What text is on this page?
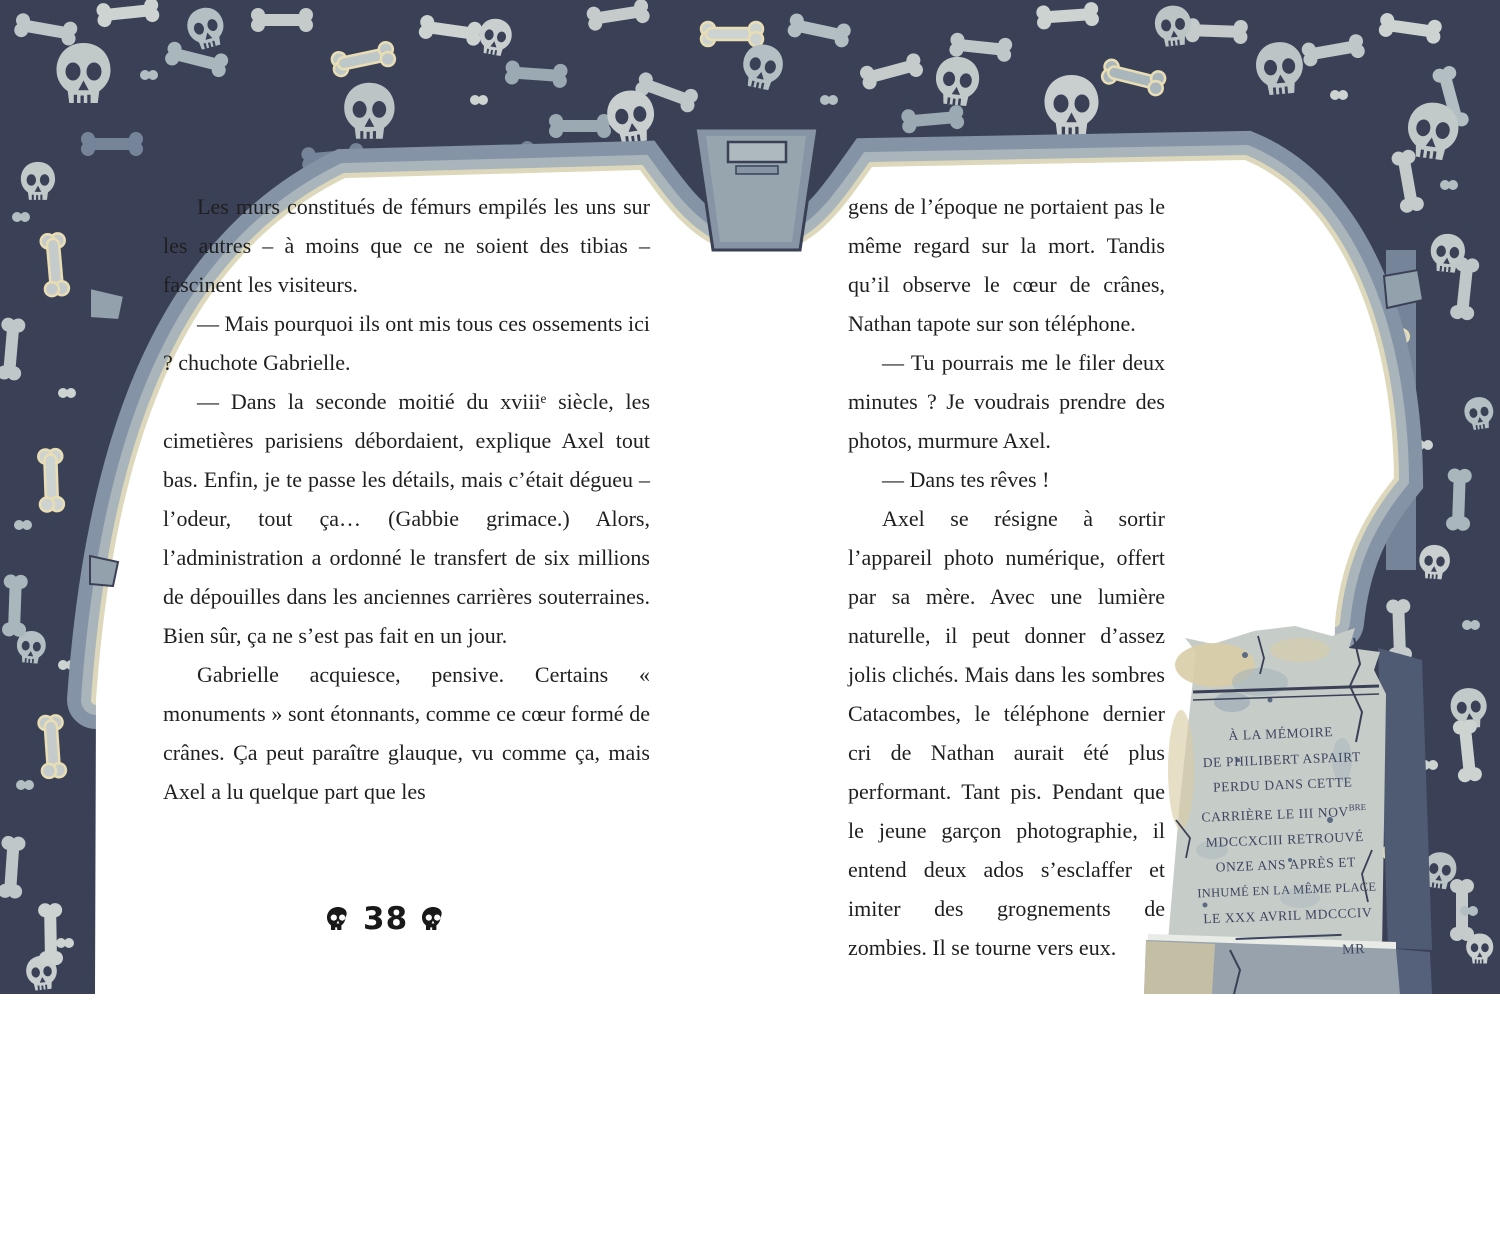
Les murs constitués de fémurs empilés les uns sur les autres – à moins que ce ne soient des tibias – fascinent les visiteurs.

— Mais pourquoi ils ont mis tous ces ossements ici ? chuchote Gabrielle.

— Dans la seconde moitié du xviiiᵉ siècle, les cimetières parisiens débordaient, explique Axel tout bas. Enfin, je te passe les détails, mais c’était dégueu – l’odeur, tout ça… (Gabbie grimace.) Alors, l’administration a ordonné le transfert de six millions de dépouilles dans les anciennes carrières souterraines. Bien sûr, ça ne s’est pas fait en un jour.

Gabrielle acquiesce, pensive. Certains « monuments » sont étonnants, comme ce cœur formé de crânes. Ça peut paraître glauque, vu comme ça, mais Axel a lu quelque part que les

gens de l’époque ne portaient pas le même regard sur la mort. Tandis qu’il observe le cœur de crânes, Nathan tapote sur son téléphone.

— Tu pourrais me le filer deux minutes ? Je voudrais prendre des photos, murmure Axel.

— Dans tes rêves !

Axel se résigne à sortir l’appareil photo numérique, offert par sa mère. Avec une lumière naturelle, il peut donner d’assez jolis clichés. Mais dans les sombres Catacombes, le téléphone dernier cri de Nathan aurait été plus performant. Tant pis. Pendant que le jeune garçon photographie, il entend deux ados s’esclaffer et imiter des grognements de zombies. Il se tourne vers eux.

38
À LA MÉMOIRE
DE PHILIBERT ASPAIRT
PERDU DANS CETTE
CARRIÈRE LE III $NOV^{BRE}$
MDCCXCIII RETROUVÉ
ONZE ANS APRÈS ET
INHUMÉ EN LA MÊME PLACE
LE XXX AVRIL MDCCCIV
MR
